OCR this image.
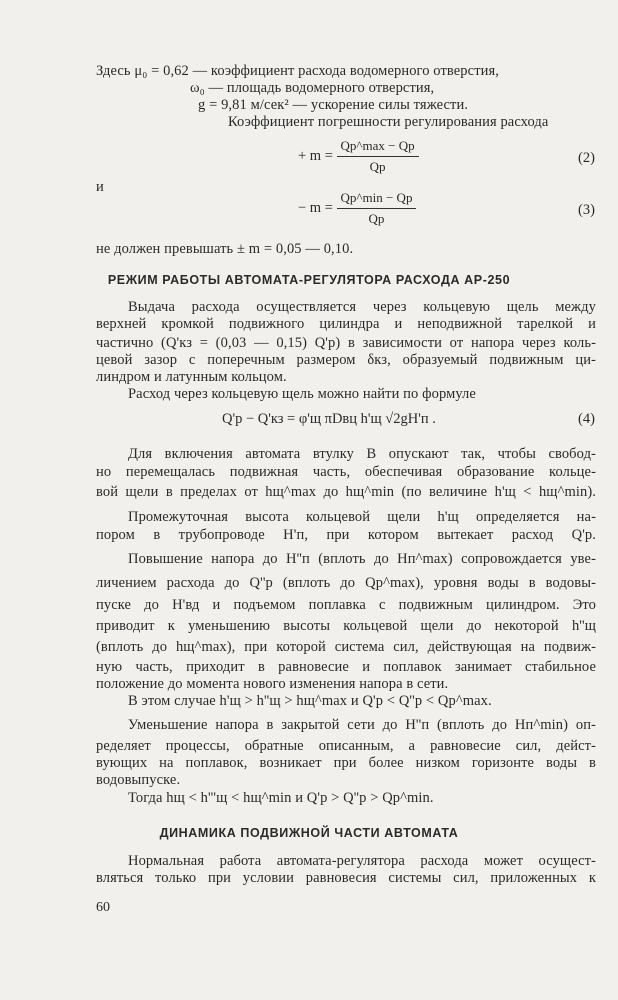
Здесь μ₀ = 0,62 — коэффициент расхода водомерного отверстия,
ω₀ — площадь водомерного отверстия,
g = 9,81 м/сек² — ускорение силы тяжести.
Коэффициент погрешности регулирования расхода
+ $m = \frac{Qр\^{}\max - Qр}{Qр}$	(2)
и
− $m = \frac{Qр\^{}\min - Qр}{Qр}$	(3)
не должен превышать ± m = 0,05 — 0,10.
РЕЖИМ РАБОТЫ АВТОМАТА-РЕГУЛЯТОРА РАСХОДА АР-250
Выдача расхода осуществляется через кольцевую щель между
верхней кромкой подвижного цилиндра и неподвижной тарелкой и
частично (Q'кз = (0,03 — 0,15) Q'р) в зависимости от напора через коль-
цевой зазор с поперечным размером δкз, образуемый подвижным ци-
линдром и латунным кольцом.
Расход через кольцевую щель можно найти по формуле
Q'р − Q'кз = φ'щ πDвц h'щ √2gH'п .	(4)
Для включения автомата втулку В опускают так, чтобы свобод-
но перемещалась подвижная часть, обеспечивая образование кольце-
вой щели в пределах от hщ^max до hщ^min (по величине h'щ < hщ^min).
Промежуточная высота кольцевой щели h'щ определяется на-
пором в трубопроводе H'п, при котором вытекает расход Q'р.
Повышение напора до H''п (вплоть до Hп^max) сопровождается уве-
личением расхода до Q''р (вплоть до Qр^max), уровня воды в водовы-
пуске до H'вд и подъемом поплавка с подвижным цилиндром. Это
приводит к уменьшению высоты кольцевой щели до некоторой h''щ
(вплоть до hщ^max), при которой система сил, действующая на подвиж-
ную часть, приходит в равновесие и поплавок занимает стабильное
положение до момента нового изменения напора в сети.
В этом случае h'щ > h''щ > hщ^max и Q'р < Q''р < Qр^max.
Уменьшение напора в закрытой сети до H''п (вплоть до Hп^min) оп-
ределяет процессы, обратные описанным, а равновесие сил, дейст-
вующих на поплавок, возникает при более низком горизонте воды в
водовыпуске.
Тогда hщ < h'''щ < hщ^min и Q'р > Q''р > Qр^min.
ДИНАМИКА ПОДВИЖНОЙ ЧАСТИ АВТОМАТА
Нормальная работа автомата-регулятора расхода может осущест-
вляться только при условии равновесия системы сил, приложенных к
60
